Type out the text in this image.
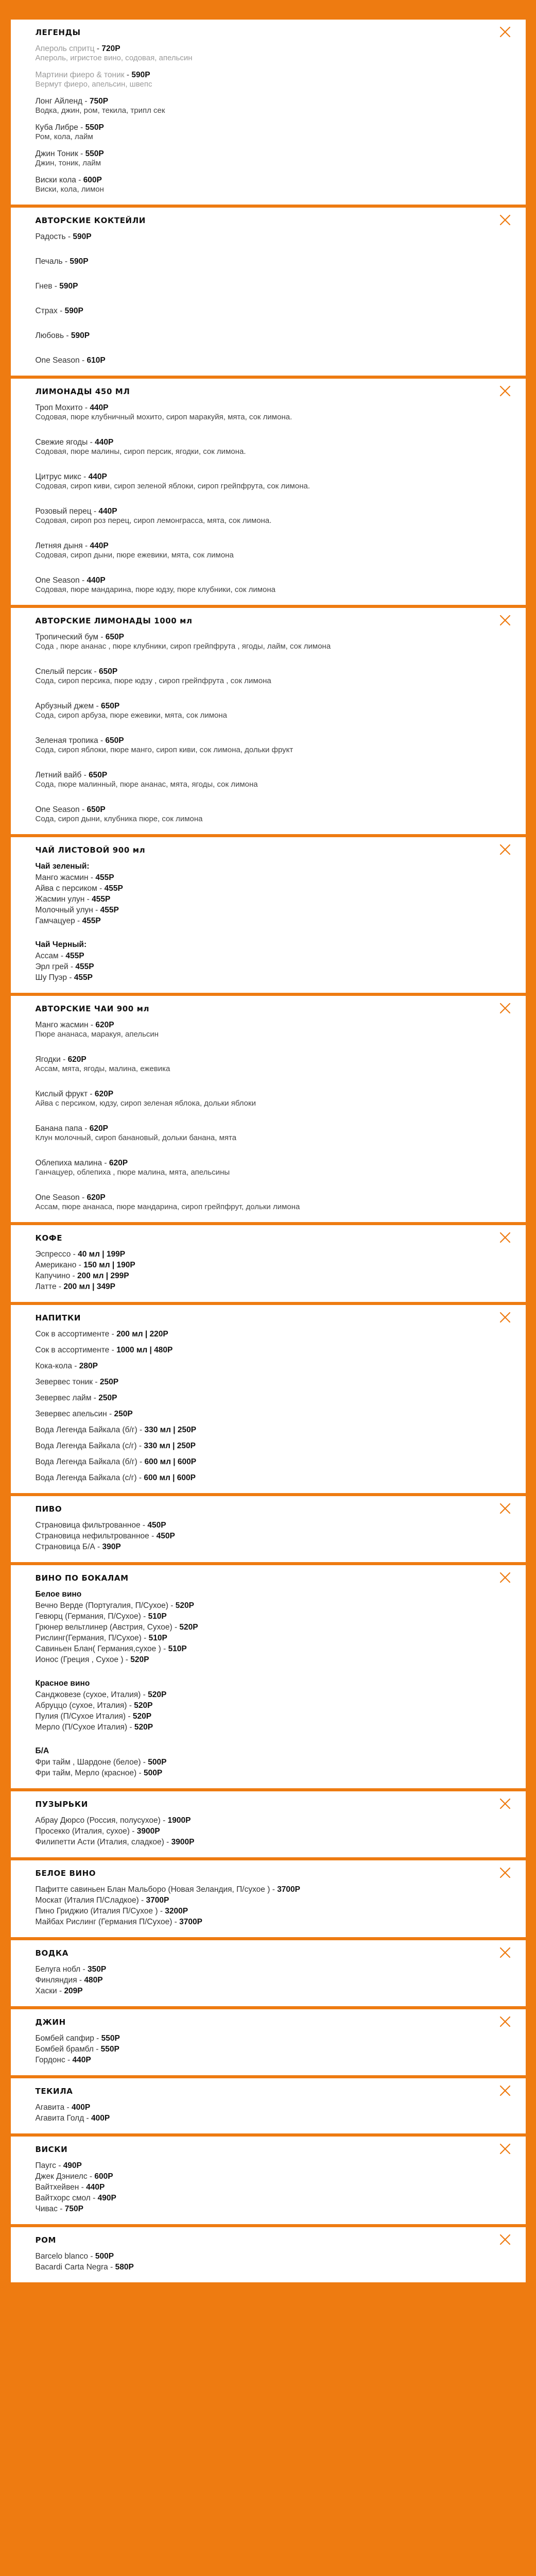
ЛЕГЕНДЫ
Апероль спритц - 720Р
Апероль, игристое вино, содовая, апельсин
Мартини фиеро & тоник - 590Р
Вермут фиеро, апельсин, швепс
Лонг Айленд - 750Р
Водка, джин, ром, текила, трипл сек
Куба Либре - 550Р
Ром, кола, лайм
Джин Тоник - 550Р
Джин, тоник, лайм
Виски кола - 600Р
Виски, кола, лимон
АВТОРСКИЕ КОКТЕЙЛИ
Радость - 590Р
Печаль - 590Р
Гнев - 590Р
Страх - 590Р
Любовь - 590Р
One Season - 610Р
ЛИМОНАДЫ 450 МЛ
Троп Мохито - 440Р
Содовая, пюре клубничный мохито, сироп маракуйя, мята, сок лимона.
Свежие ягоды - 440Р
Содовая, пюре малины, сироп персик, ягодки, сок лимона.
Цитрус микс - 440Р
Содовая, сироп киви, сироп зеленой яблоки, сироп грейпфрута, сок лимона.
Розовый перец - 440Р
Содовая, сироп роз перец, сироп лемонграсса, мята, сок лимона.
Летняя дыня - 440Р
Содовая, сироп дыни, пюре ежевики, мята, сок лимона
One Season - 440Р
Содовая, пюре мандарина, пюре юдзу, пюре клубники, сок лимона
АВТОРСКИЕ ЛИМОНАДЫ 1000 мл
Тропический бум - 650Р
Сода , пюре ананас , пюре клубники, сироп грейпфрута , ягоды, лайм, сок лимона
Спелый персик - 650Р
Сода, сироп персика, пюре юдзу , сироп грейпфрута , сок лимона
Арбузный джем - 650Р
Сода, сироп арбуза, пюре ежевики, мята, сок лимона
Зеленая тропика - 650Р
Сода, сироп яблоки, пюре манго, сироп киви, сок лимона, дольки фрукт
Летний вайб - 650Р
Сода, пюре малинный, пюре ананас, мята, ягоды, сок лимона
One Season - 650Р
Сода, сироп дыни, клубника пюре, сок лимона
ЧАЙ ЛИСТОВОЙ 900 мл
Чай зеленый:
Манго жасмин - 455Р
Айва с персиком - 455Р
Жасмин улун - 455Р
Молочный улун - 455Р
Гамчацуер - 455Р
Чай Черный:
Ассам - 455Р
Эрл грей - 455Р
Шу Пуэр - 455Р
АВТОРСКИЕ ЧАИ 900 мл
Манго жасмин - 620Р
Пюре ананаса, маракуя, апельсин
Ягодки - 620Р
Ассам, мята, ягоды, малина, ежевика
Кислый фрукт - 620Р
Айва с персиком, юдзу, сироп зеленая яблока, дольки яблоки
Банана папа - 620Р
Клун молочный, сироп банановый, дольки банана, мята
Облепиха малина - 620Р
Ганчацуер, облепиха , пюре малина, мята, апельсины
One Season - 620Р
Ассам, пюре ананаса, пюре мандарина, сироп грейпфрут, дольки лимона
КОФЕ
Эспрессо - 40 мл | 199Р
Американо - 150 мл | 190Р
Капучино - 200 мл | 299Р
Латте - 200 мл | 349Р
НАПИТКИ
Сок в ассортименте - 200 мл | 220Р
Сок в ассортименте - 1000 мл | 480Р
Кока-кола - 280Р
Зевервес тоник - 250Р
Зевервес лайм - 250Р
Зевервес апельсин - 250Р
Вода Легенда Байкала (б/г) - 330 мл | 250Р
Вода Легенда Байкала (с/г) - 330 мл | 250Р
Вода Легенда Байкала (б/г) - 600 мл | 600Р
Вода Легенда Байкала (с/г) - 600 мл | 600Р
ПИВО
Страновица фильтрованное - 450Р
Страновица нефильтрованное - 450Р
Страновица Б/А - 390Р
ВИНО ПО БОКАЛАМ
Белое вино
Вечно Верде (Португалия, П/Сухое) - 520Р
Гевюрц (Германия, П/Сухое) - 510Р
Грюнер вельтлинер (Австрия, Сухое) - 520Р
Рислинг(Германия, П/Сухое) - 510Р
Савиньен Блан( Германия,сухое ) - 510Р
Ионос (Греция , Сухое ) - 520Р
Красное вино
Санджовезе (сухое, Италия) - 520Р
Абруццо (сухое, Италия) - 520Р
Пулия (П/Сухое Италия) - 520Р
Мерло (П/Сухое Италия) - 520Р
Б/А
Фри тайм , Шардоне (белое) - 500Р
Фри тайм, Мерло (красное) - 500Р
ПУЗЫРЬКИ
Абрау Дюрсо (Россия, полусухое) - 1900Р
Просекко (Италия, сухое) - 3900Р
Филипетти Асти (Италия, сладкое) - 3900Р
БЕЛОЕ ВИНО
Пафитте савиньен Блан Мальборо (Новая Зеландия, П/сухое ) - 3700Р
Москат (Италия П/Сладкое) - 3700Р
Пино Гриджио (Италия П/Сухое ) - 3200Р
Майбах Рислинг (Германия П/Сухое) - 3700Р
ВОДКА
Белуга нобл - 350Р
Финляндия - 480Р
Хаски - 209Р
ДЖИН
Бомбей сапфир - 550Р
Бомбей брамбл - 550Р
Гордонс - 440Р
ТЕКИЛА
Агавита - 400Р
Агавита Голд - 400Р
ВИСКИ
Паугс - 490Р
Джек Дэниелс - 600Р
Вайтхейвен - 440Р
Вайтхорс смол - 490Р
Чивас - 750Р
РОМ
Barcelo blanco - 500Р
Bacardi Carta Negra - 580Р
